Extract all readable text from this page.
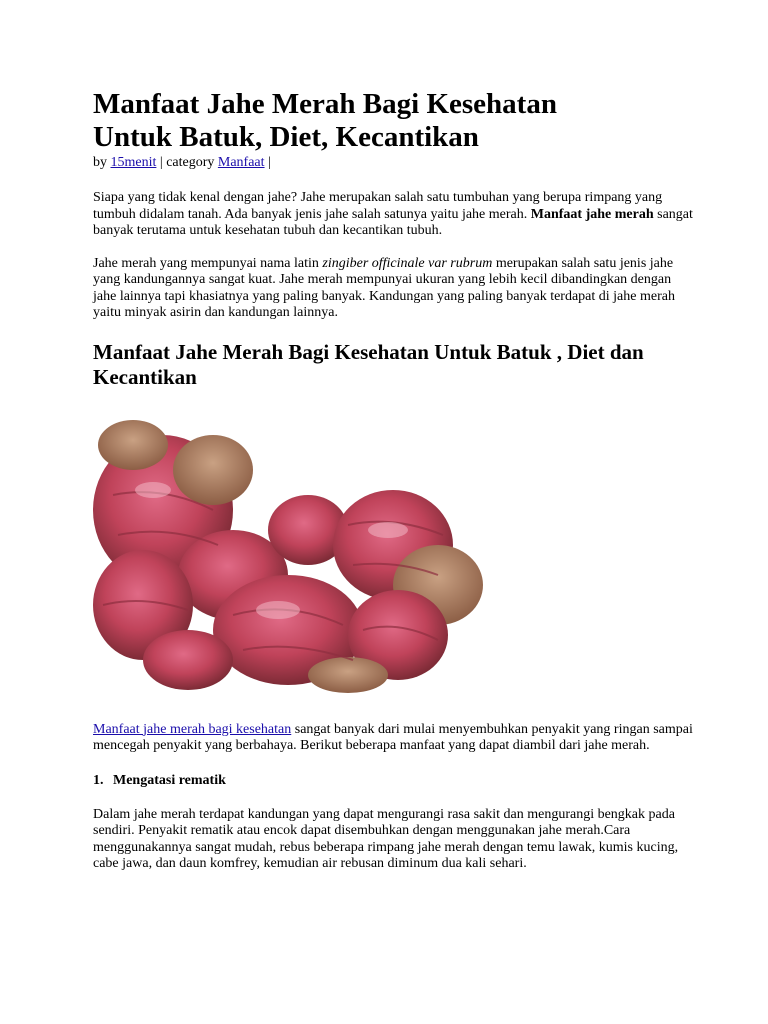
Manfaat Jahe Merah Bagi Kesehatan
Untuk Batuk, Diet, Kecantikan
by 15menit | category Manfaat |

Siapa yang tidak kenal dengan jahe? Jahe merupakan salah satu tumbuhan yang berupa rimpang yang tumbuh didalam tanah. Ada banyak jenis jahe salah satunya yaitu jahe merah. Manfaat jahe merah sangat banyak terutama untuk kesehatan tubuh dan kecantikan tubuh.

Jahe merah yang mempunyai nama latin zingiber officinale var rubrum merupakan salah satu jenis jahe yang kandungannya sangat kuat. Jahe merah mempunyai ukuran yang lebih kecil dibandingkan dengan jahe lainnya tapi khasiatnya yang paling banyak. Kandungan yang paling banyak terdapat di jahe merah yaitu minyak asirin dan kandungan lainnya.

Manfaat Jahe Merah Bagi Kesehatan Untuk Batuk , Diet dan Kecantikan

Manfaat jahe merah bagi kesehatan sangat banyak dari mulai menyembuhkan penyakit yang ringan sampai mencegah penyakit yang berbahaya. Berikut beberapa manfaat yang dapat diambil dari jahe merah.

1. Mengatasi rematik

Dalam jahe merah terdapat kandungan yang dapat mengurangi rasa sakit dan mengurangi bengkak pada sendiri. Penyakit rematik atau encok dapat disembuhkan dengan menggunakan jahe merah.Cara menggunakannya sangat mudah, rebus beberapa rimpang jahe merah dengan temu lawak, kumis kucing, cabe jawa, dan daun komfrey, kemudian air rebusan diminum dua kali sehari.
